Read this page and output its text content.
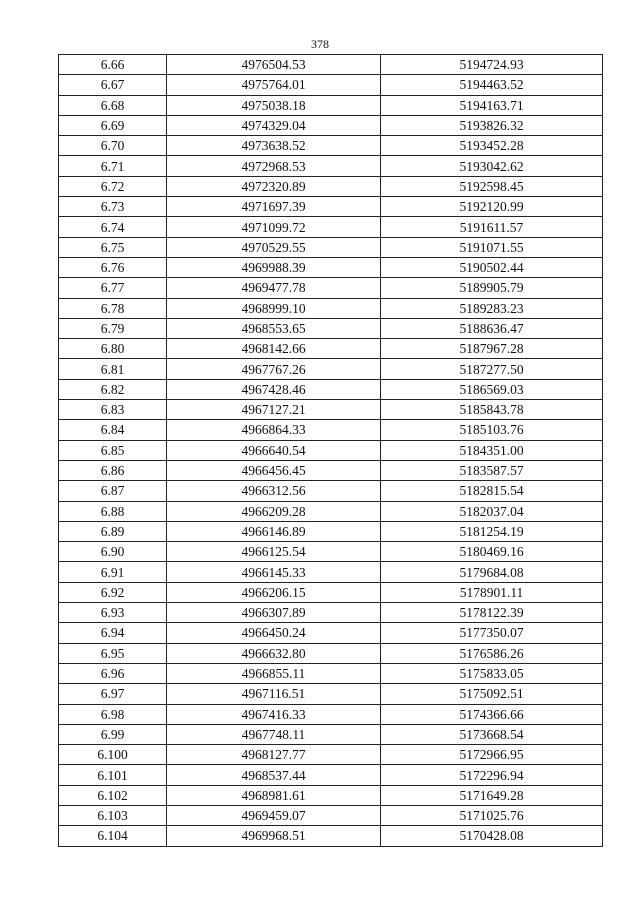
378
6.66	4976504.53	5194724.93
6.67	4975764.01	5194463.52
6.68	4975038.18	5194163.71
6.69	4974329.04	5193826.32
6.70	4973638.52	5193452.28
6.71	4972968.53	5193042.62
6.72	4972320.89	5192598.45
6.73	4971697.39	5192120.99
6.74	4971099.72	5191611.57
6.75	4970529.55	5191071.55
6.76	4969988.39	5190502.44
6.77	4969477.78	5189905.79
6.78	4968999.10	5189283.23
6.79	4968553.65	5188636.47
6.80	4968142.66	5187967.28
6.81	4967767.26	5187277.50
6.82	4967428.46	5186569.03
6.83	4967127.21	5185843.78
6.84	4966864.33	5185103.76
6.85	4966640.54	5184351.00
6.86	4966456.45	5183587.57
6.87	4966312.56	5182815.54
6.88	4966209.28	5182037.04
6.89	4966146.89	5181254.19
6.90	4966125.54	5180469.16
6.91	4966145.33	5179684.08
6.92	4966206.15	5178901.11
6.93	4966307.89	5178122.39
6.94	4966450.24	5177350.07
6.95	4966632.80	5176586.26
6.96	4966855.11	5175833.05
6.97	4967116.51	5175092.51
6.98	4967416.33	5174366.66
6.99	4967748.11	5173668.54
6.100	4968127.77	5172966.95
6.101	4968537.44	5172296.94
6.102	4968981.61	5171649.28
6.103	4969459.07	5171025.76
6.104	4969968.51	5170428.08
